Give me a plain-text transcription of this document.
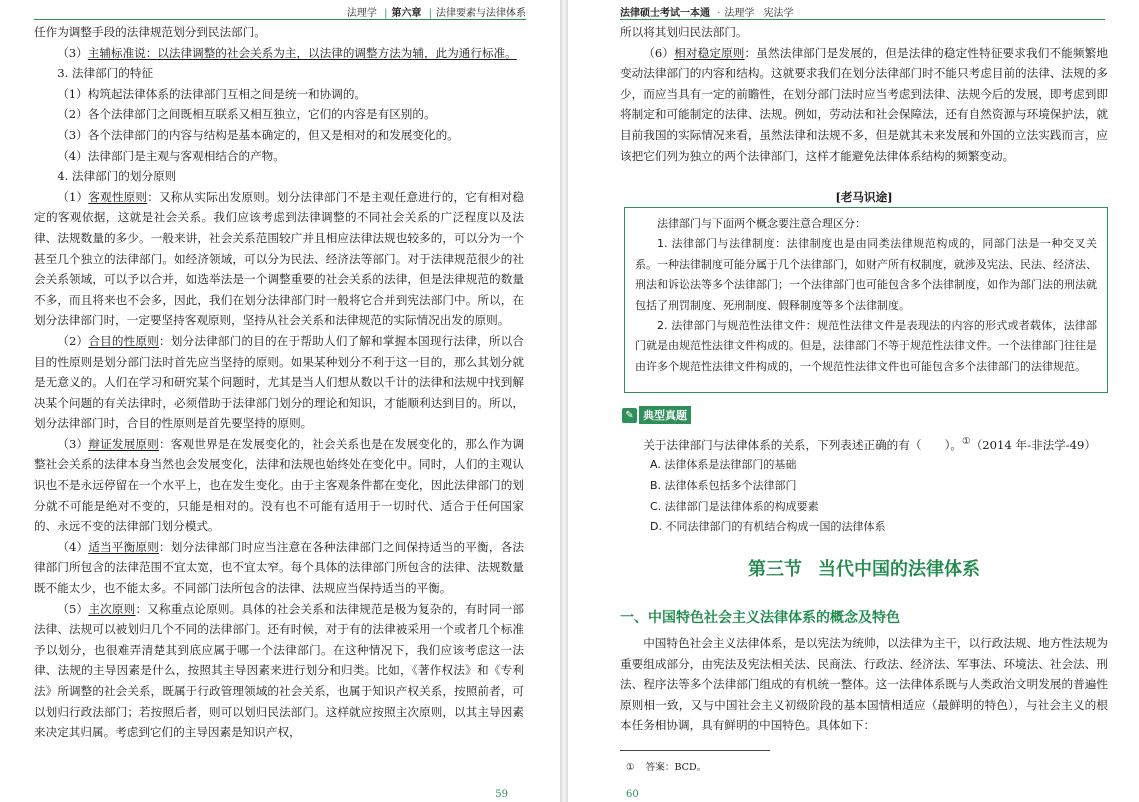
法理学 | 第六章 | 法律要素与法律体系
任作为调整手段的法律规范划分到民法部门。
（3）主辅标准说：以法律调整的社会关系为主，以法律的调整方法为辅，此为通行标准。
3. 法律部门的特征
（1）构筑起法律体系的法律部门互相之间是统一和协调的。
（2）各个法律部门之间既相互联系又相互独立，它们的内容是有区别的。
（3）各个法律部门的内容与结构是基本确定的，但又是相对的和发展变化的。
（4）法律部门是主观与客观相结合的产物。
4. 法律部门的划分原则
（1）客观性原则：又称从实际出发原则。划分法律部门不是主观任意进行的，它有相对稳定的客观依据，这就是社会关系。我们应该考虑到法律调整的不同社会关系的广泛程度以及法律、法规数量的多少。一般来讲，社会关系范围较广并且相应法律法规也较多的，可以分为一个甚至几个独立的法律部门。如经济领域，可以分为民法、经济法等部门。对于法律规范很少的社会关系领域，可以予以合并，如选举法是一个调整重要的社会关系的法律，但是法律规范的数量不多，而且将来也不会多，因此，我们在划分法律部门时一般将它合并到宪法部门中。所以，在划分法律部门时，一定要坚持客观原则，坚持从社会关系和法律规范的实际情况出发的原则。
（2）合目的性原则：划分法律部门的目的在于帮助人们了解和掌握本国现行法律，所以合目的性原则是划分部门法时首先应当坚持的原则。如果某种划分不利于这一目的，那么其划分就是无意义的。人们在学习和研究某个问题时，尤其是当人们想从数以千计的法律和法规中找到解决某个问题的有关法律时，必须借助于法律部门划分的理论和知识，才能顺利达到目的。所以，划分法律部门时，合目的性原则是首先要坚持的原则。
（3）辩证发展原则：客观世界是在发展变化的，社会关系也是在发展变化的，那么作为调整社会关系的法律本身当然也会发展变化，法律和法规也始终处在变化中。同时，人们的主观认识也不是永远停留在一个水平上，也在发生变化。由于主客观条件都在变化，因此法律部门的划分就不可能是绝对不变的，只能是相对的。没有也不可能有适用于一切时代、适合于任何国家的、永远不变的法律部门划分模式。
（4）适当平衡原则：划分法律部门时应当注意在各种法律部门之间保持适当的平衡，各法律部门所包含的法律范围不宜太宽，也不宜太窄。每个具体的法律部门所包含的法律、法规数量既不能太少，也不能太多。不同部门法所包含的法律、法规应当保持适当的平衡。
（5）主次原则：又称重点论原则。具体的社会关系和法律规范是极为复杂的，有时同一部法律、法规可以被划归几个不同的法律部门。还有时候，对于有的法律被采用一个或者几个标准予以划分，也很难弄清楚其到底应属于哪一个法律部门。在这种情况下，我们应该考虑这一法律、法规的主导因素是什么，按照其主导因素来进行划分和归类。比如，《著作权法》和《专利法》所调整的社会关系，既属于行政管理领域的社会关系，也属于知识产权关系，按照前者，可以划归行政法部门；若按照后者，则可以划归民法部门。这样就应按照主次原则，以其主导因素来决定其归属。考虑到它们的主导因素是知识产权，
59
法律硕士考试一本通 · 法理学 宪法学
所以将其划归民法部门。
（6）相对稳定原则：虽然法律部门是发展的，但是法律的稳定性特征要求我们不能频繁地变动法律部门的内容和结构。这就要求我们在划分法律部门时不能只考虑目前的法律、法规的多少，而应当具有一定的前瞻性，在划分部门法时应当考虑到法律、法规今后的发展，即考虑到即将制定和可能制定的法律、法规。例如，劳动法和社会保障法，还有自然资源与环境保护法，就目前我国的实际情况来看，虽然法律和法规不多，但是就其未来发展和外国的立法实践而言，应该把它们列为独立的两个法律部门，这样才能避免法律体系结构的频繁变动。
[老马识途]
法律部门与下面两个概念要注意合理区分：
1. 法律部门与法律制度：法律制度也是由同类法律规范构成的，同部门法是一种交叉关系。一种法律制度可能分属于几个法律部门，如财产所有权制度，就涉及宪法、民法、经济法、刑法和诉讼法等多个法律部门；一个法律部门也可能包含多个法律制度，如作为部门法的刑法就包括了刑罚制度、死刑制度、假释制度等多个法律制度。
2. 法律部门与规范性法律文件：规范性法律文件是表现法的内容的形式或者载体，法律部门就是由规范性法律文件构成的。但是，法律部门不等于规范性法律文件。一个法律部门往往是由许多个规范性法律文件构成的，一个规范性法律文件也可能包含多个法律部门的法律规范。
✎ 典型真题
关于法律部门与法律体系的关系，下列表述正确的有（　　）。①（2014 年-非法学-49）
A. 法律体系是法律部门的基础
B. 法律体系包括多个法律部门
C. 法律部门是法律体系的构成要素
D. 不同法律部门的有机结合构成一国的法律体系
第三节 当代中国的法律体系
一、中国特色社会主义法律体系的概念及特色
中国特色社会主义法律体系，是以宪法为统帅，以法律为主干，以行政法规、地方性法规为重要组成部分，由宪法及宪法相关法、民商法、行政法、经济法、军事法、环境法、社会法、刑法、程序法等多个法律部门组成的有机统一整体。这一法律体系既与人类政治文明发展的普遍性原则相一致，又与中国社会主义初级阶段的基本国情相适应（最鲜明的特色），与社会主义的根本任务相协调，具有鲜明的中国特色。具体如下：
① 答案：BCD。
60
